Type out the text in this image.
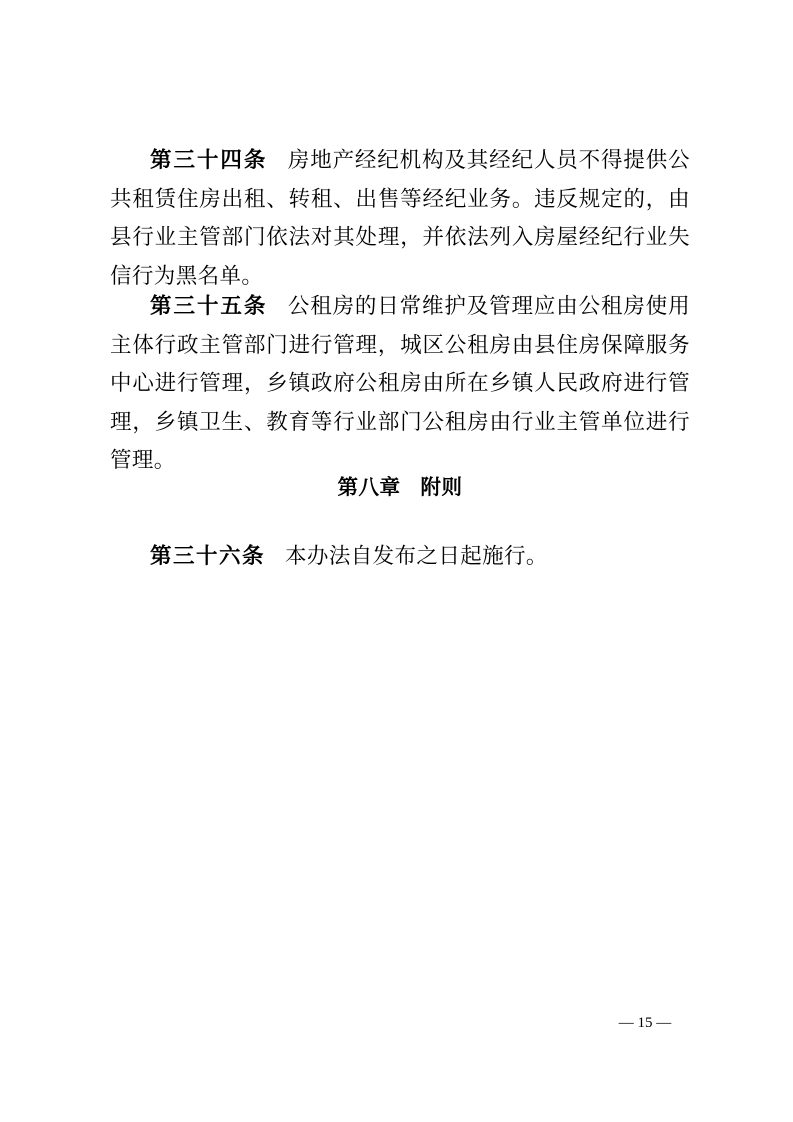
第三十四条 房地产经纪机构及其经纪人员不得提供公共租赁住房出租、转租、出售等经纪业务。违反规定的，由县行业主管部门依法对其处理，并依法列入房屋经纪行业失信行为黑名单。

第三十五条 公租房的日常维护及管理应由公租房使用主体行政主管部门进行管理，城区公租房由县住房保障服务中心进行管理，乡镇政府公租房由所在乡镇人民政府进行管理，乡镇卫生、教育等行业部门公租房由行业主管单位进行管理。

第八章 附则

第三十六条 本办法自发布之日起施行。

— 15 —
